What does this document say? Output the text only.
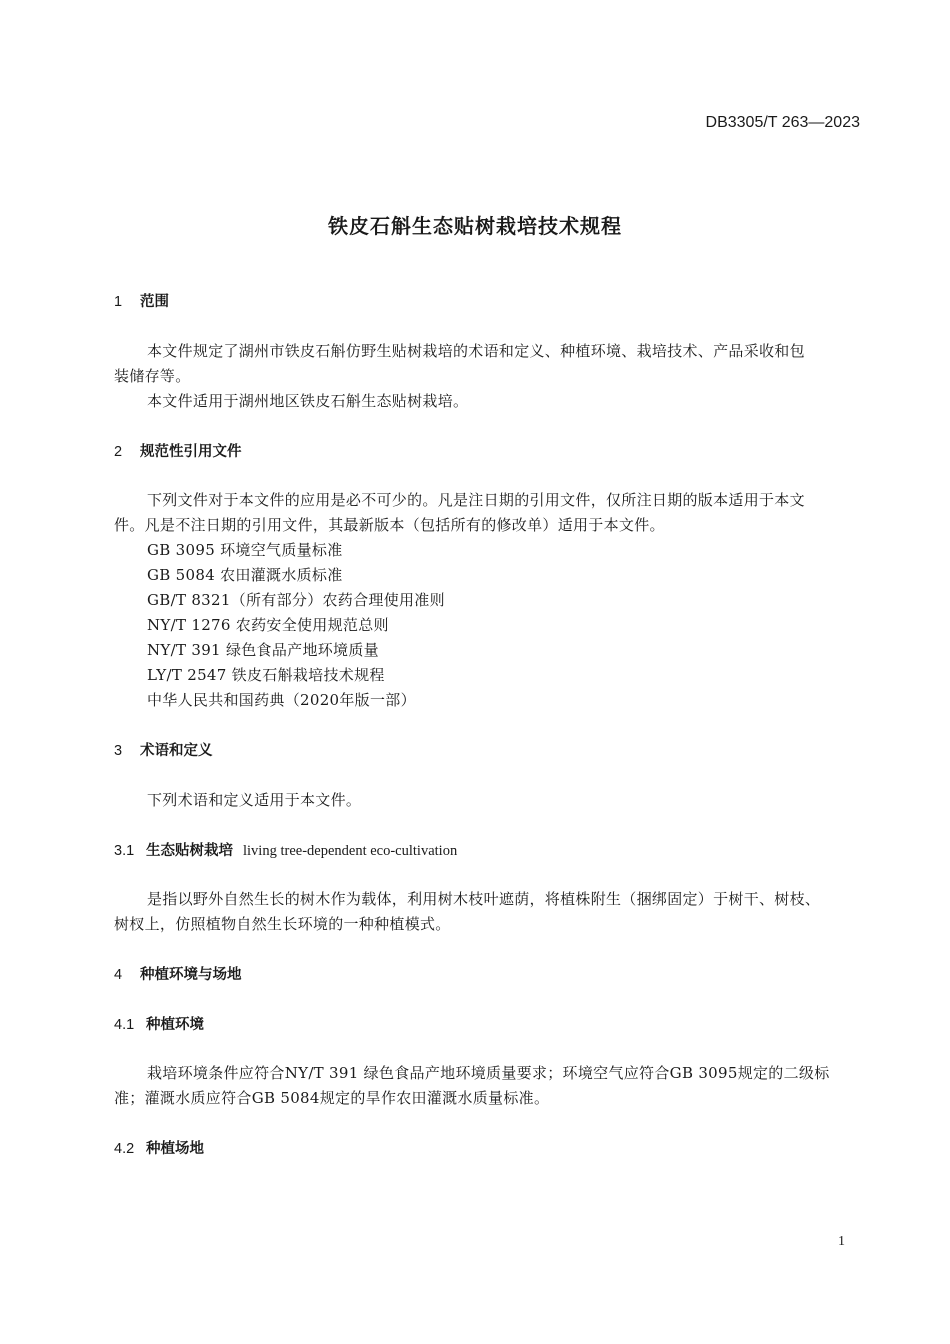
DB3305/T 263—2023
铁皮石斛生态贴树栽培技术规程
1 范围
本文件规定了湖州市铁皮石斛仿野生贴树栽培的术语和定义、种植环境、栽培技术、产品采收和包
装储存等。
本文件适用于湖州地区铁皮石斛生态贴树栽培。
2 规范性引用文件
下列文件对于本文件的应用是必不可少的。凡是注日期的引用文件，仅所注日期的版本适用于本文
件。凡是不注日期的引用文件，其最新版本（包括所有的修改单）适用于本文件。
GB 3095 环境空气质量标准
GB 5084 农田灌溉水质标准
GB/T 8321（所有部分）农药合理使用准则
NY/T 1276 农药安全使用规范总则
NY/T 391 绿色食品产地环境质量
LY/T 2547 铁皮石斛栽培技术规程
中华人民共和国药典（2020年版一部）
3 术语和定义
下列术语和定义适用于本文件。
3.1 生态贴树栽培 living tree-dependent eco-cultivation
是指以野外自然生长的树木作为载体，利用树木枝叶遮荫，将植株附生（捆绑固定）于树干、树枝、
树杈上，仿照植物自然生长环境的一种种植模式。
4 种植环境与场地
4.1 种植环境
栽培环境条件应符合NY/T 391 绿色食品产地环境质量要求；环境空气应符合GB 3095规定的二级标
准；灌溉水质应符合GB 5084规定的旱作农田灌溉水质量标准。
4.2 种植场地
1
